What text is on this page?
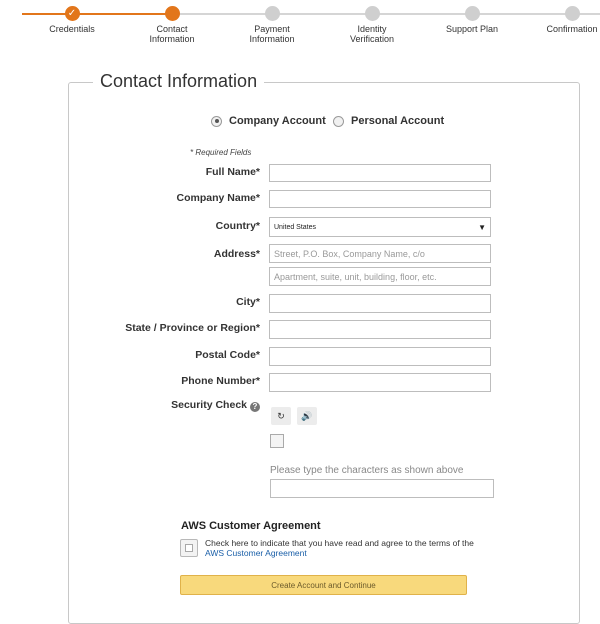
✓
Credentials	Contact
Information
Payment
Information
Identity
Verification
Support Plan	Confirmation
Contact Information
Company Account Personal Account
* Required Fields
Full Name*
Company Name*
Country* United States	▼
Address*	Street, P.O. Box, Company Name, c/o
Apartment, suite, unit, building, floor, etc.
City*
State / Province or Region*
Postal Code*
Phone Number*
Security Check ?
↻ 🔊
Please type the characters as shown above
AWS Customer Agreement
Check here to indicate that you have read and agree to the terms of the AWS Customer Agreement
Create Account and Continue
